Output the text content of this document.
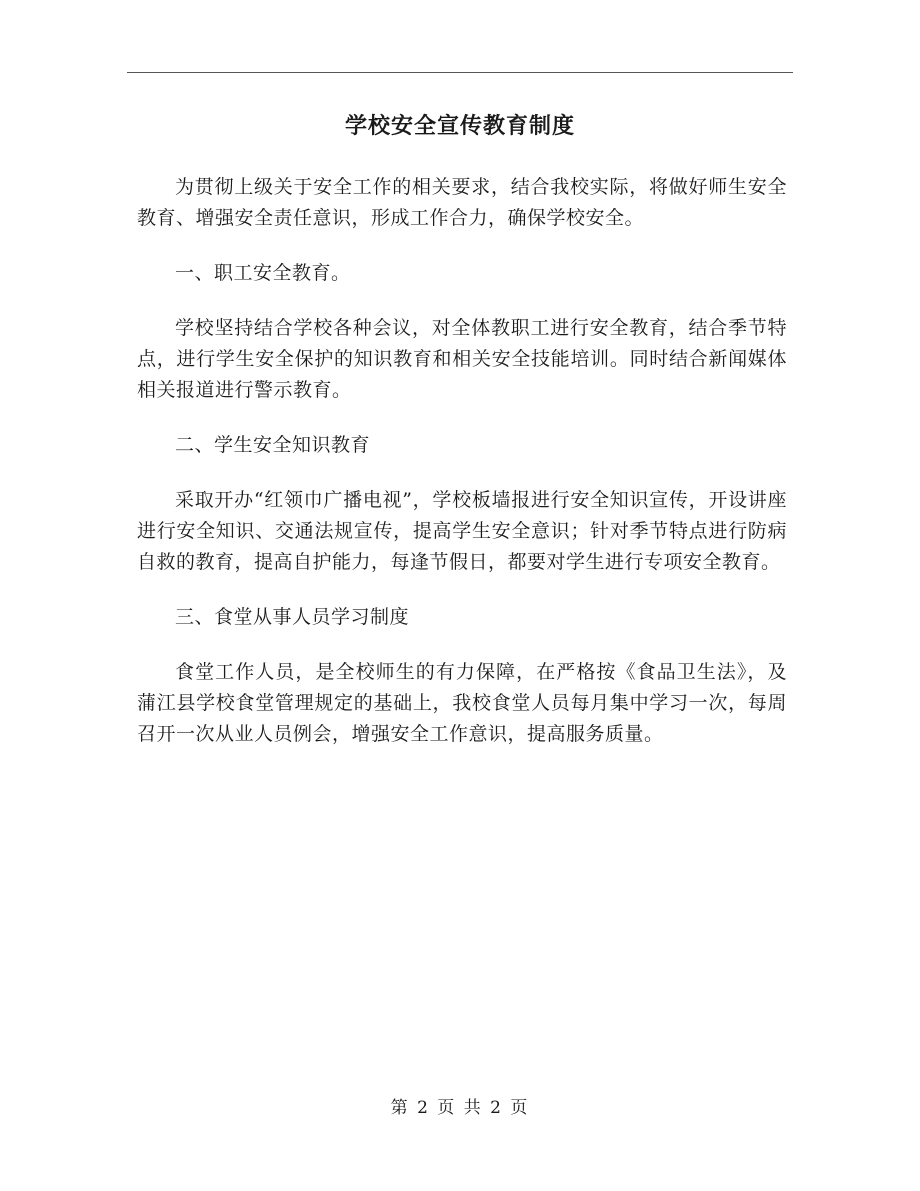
学校安全宣传教育制度

为贯彻上级关于安全工作的相关要求，结合我校实际，将做好师生安全教育、增强安全责任意识，形成工作合力，确保学校安全。

一、职工安全教育。

学校坚持结合学校各种会议，对全体教职工进行安全教育，结合季节特点，进行学生安全保护的知识教育和相关安全技能培训。同时结合新闻媒体相关报道进行警示教育。

二、学生安全知识教育

采取开办“红领巾广播电视”，学校板墙报进行安全知识宣传，开设讲座进行安全知识、交通法规宣传，提高学生安全意识；针对季节特点进行防病自救的教育，提高自护能力，每逢节假日，都要对学生进行专项安全教育。

三、食堂从事人员学习制度

食堂工作人员，是全校师生的有力保障，在严格按《食品卫生法》，及蒲江县学校食堂管理规定的基础上，我校食堂人员每月集中学习一次，每周召开一次从业人员例会，增强安全工作意识，提高服务质量。

第 2 页 共 2 页
